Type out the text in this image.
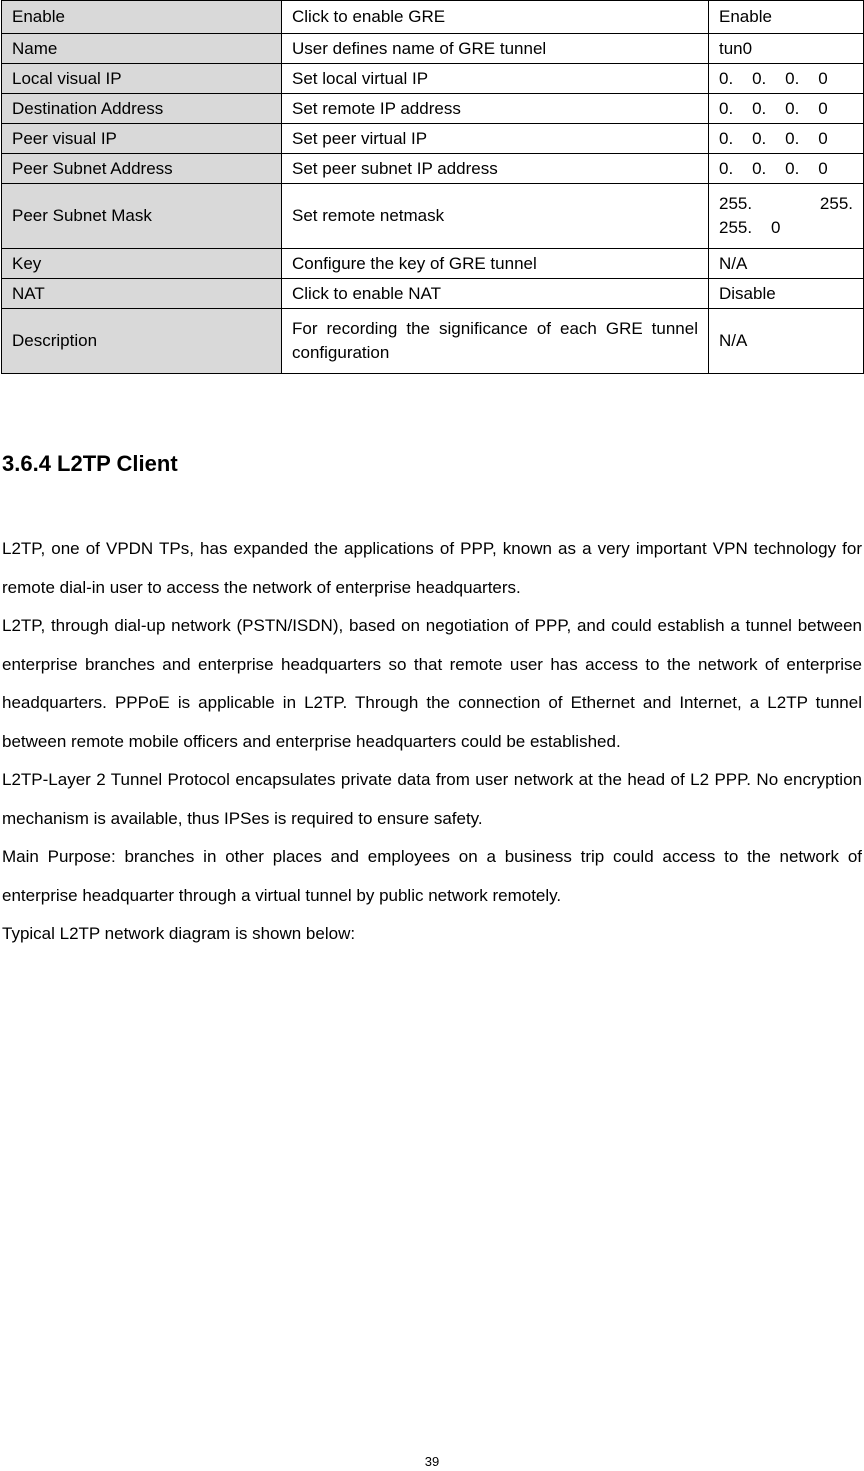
Enable	Click to enable GRE	Enable
Name	User defines name of GRE tunnel	tun0
Local visual IP	Set local virtual IP	0.    0.    0.    0
Destination Address	Set remote IP address	0.    0.    0.    0
Peer visual IP	Set peer virtual IP	0.    0.    0.    0
Peer Subnet Address	Set peer subnet IP address	0.    0.    0.    0
Peer Subnet Mask	Set remote netmask	255. 255.
255.    0

Key	Configure the key of GRE tunnel	N/A
NAT	Click to enable NAT	Disable
Description	For recording the significance of each GRE tunnel configuration	N/A
3.6.4 L2TP Client

L2TP, one of VPDN TPs, has expanded the applications of PPP, known as a very important VPN technology for remote dial-in user to access the network of enterprise headquarters.

L2TP, through dial-up network (PSTN/ISDN), based on negotiation of PPP, and could establish a tunnel between enterprise branches and enterprise headquarters so that remote user has access to the network of enterprise headquarters. PPPoE is applicable in L2TP. Through the connection of Ethernet and Internet, a L2TP tunnel between remote mobile officers and enterprise headquarters could be established.

L2TP-Layer 2 Tunnel Protocol encapsulates private data from user network at the head of L2 PPP. No encryption mechanism is available, thus IPSes is required to ensure safety.

Main Purpose: branches in other places and employees on a business trip could access to the network of enterprise headquarter through a virtual tunnel by public network remotely.

Typical L2TP network diagram is shown below:

39
